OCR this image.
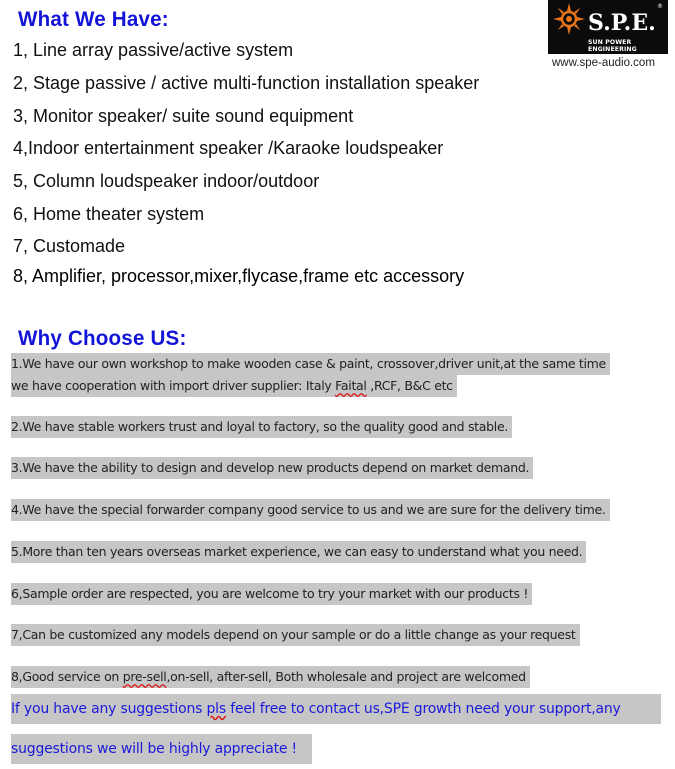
What We Have:
1, Line array passive/active system
2, Stage passive / active multi-function installation speaker
3, Monitor speaker/ suite sound equipment
4,Indoor entertainment speaker /Karaoke loudspeaker
5, Column loudspeaker indoor/outdoor
6, Home theater system
7, Customade
8, Amplifier, processor,mixer,flycase,frame etc accessory
S.P.E.
®
SUN POWER ENGINEERING
www.spe-audio.com
Why Choose US:
1.We have our own workshop to make wooden case & paint, crossover,driver unit,at the same time
we have cooperation with import driver supplier: Italy Faital ,RCF, B&C etc
2.We have stable workers trust and loyal to factory, so the quality good and stable.
3.We have the ability to design and develop new products depend on market demand.
4.We have the special forwarder company good service to us and we are sure for the delivery time.
5.More than ten years overseas market experience, we can easy to understand what you need.
6,Sample order are respected, you are welcome to try your market with our products !
7,Can be customized any models depend on your sample or do a little change as your request
8,Good service on pre-sell,on-sell, after-sell, Both wholesale and project are welcomed
If you have any suggestions pls feel free to contact us,SPE growth need your support,any
suggestions we will be highly appreciate !
